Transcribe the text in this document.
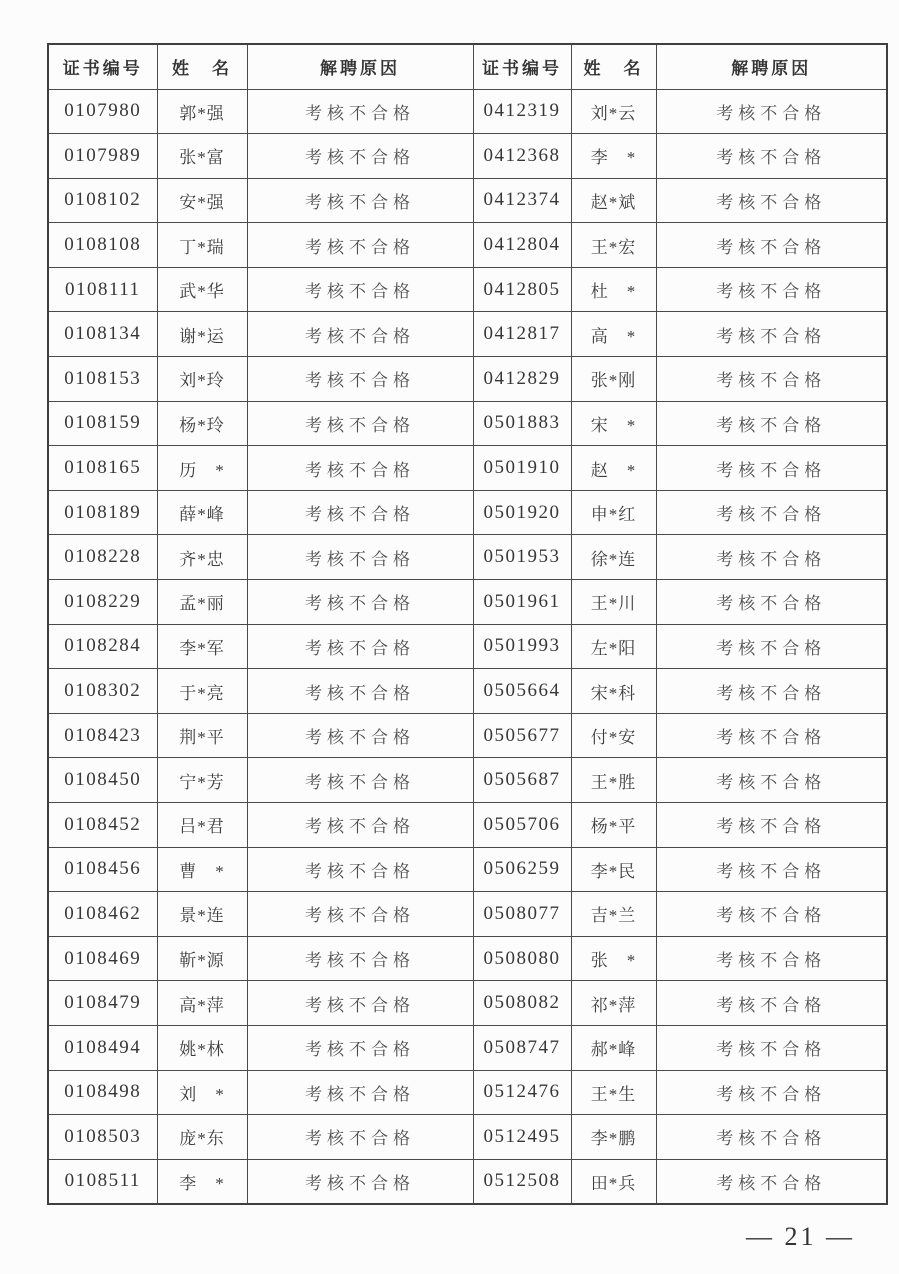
证书编号	姓　名	解聘原因	证书编号	姓　名	解聘原因
0107980	郭*强	考核不合格	0412319	刘*云	考核不合格
0107989	张*富	考核不合格	0412368	李　*	考核不合格
0108102	安*强	考核不合格	0412374	赵*斌	考核不合格
0108108	丁*瑞	考核不合格	0412804	王*宏	考核不合格
0108111	武*华	考核不合格	0412805	杜　*	考核不合格
0108134	谢*运	考核不合格	0412817	高　*	考核不合格
0108153	刘*玲	考核不合格	0412829	张*刚	考核不合格
0108159	杨*玲	考核不合格	0501883	宋　*	考核不合格
0108165	历　*	考核不合格	0501910	赵　*	考核不合格
0108189	薛*峰	考核不合格	0501920	申*红	考核不合格
0108228	齐*忠	考核不合格	0501953	徐*连	考核不合格
0108229	孟*丽	考核不合格	0501961	王*川	考核不合格
0108284	李*军	考核不合格	0501993	左*阳	考核不合格
0108302	于*亮	考核不合格	0505664	宋*科	考核不合格
0108423	荆*平	考核不合格	0505677	付*安	考核不合格
0108450	宁*芳	考核不合格	0505687	王*胜	考核不合格
0108452	吕*君	考核不合格	0505706	杨*平	考核不合格
0108456	曹　*	考核不合格	0506259	李*民	考核不合格
0108462	景*连	考核不合格	0508077	吉*兰	考核不合格
0108469	靳*源	考核不合格	0508080	张　*	考核不合格
0108479	高*萍	考核不合格	0508082	祁*萍	考核不合格
0108494	姚*林	考核不合格	0508747	郝*峰	考核不合格
0108498	刘　*	考核不合格	0512476	王*生	考核不合格
0108503	庞*东	考核不合格	0512495	李*鹏	考核不合格
0108511	李　*	考核不合格	0512508	田*兵	考核不合格
— 21 —
